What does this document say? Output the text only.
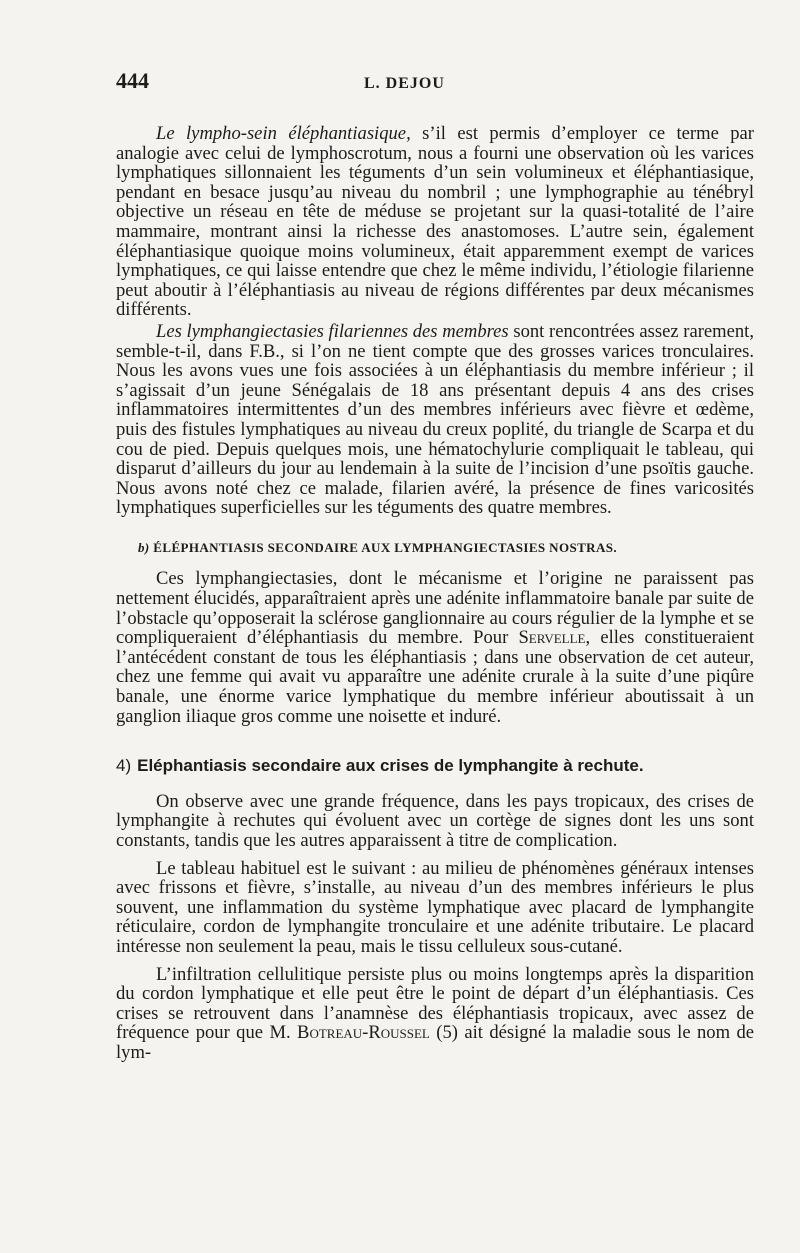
444	L. DEJOU

Le lympho-sein éléphantiasique, s’il est permis d’employer ce terme par analogie avec celui de lymphoscrotum, nous a fourni une observation où les varices lymphatiques sillonnaient les téguments d’un sein volumineux et éléphantiasique, pendant en besace jusqu’au niveau du nombril ; une lymphographie au ténébryl objective un réseau en tête de méduse se projetant sur la quasi-totalité de l’aire mammaire, montrant ainsi la richesse des anastomoses. L’autre sein, également éléphantiasique quoique moins volumineux, était apparemment exempt de varices lymphatiques, ce qui laisse entendre que chez le même individu, l’étiologie filarienne peut aboutir à l’éléphantiasis au niveau de régions différentes par deux mécanismes différents.

Les lymphangiectasies filariennes des membres sont rencontrées assez rarement, semble-t-il, dans F.B., si l’on ne tient compte que des grosses varices tronculaires. Nous les avons vues une fois associées à un éléphantiasis du membre inférieur ; il s’agissait d’un jeune Sénégalais de 18 ans présentant depuis 4 ans des crises inflammatoires intermittentes d’un des membres inférieurs avec fièvre et œdème, puis des fistules lymphatiques au niveau du creux poplité, du triangle de Scarpa et du cou de pied. Depuis quelques mois, une hématochylurie compliquait le tableau, qui disparut d’ailleurs du jour au lendemain à la suite de l’incision d’une psoïtis gauche. Nous avons noté chez ce malade, filarien avéré, la présence de fines varicosités lymphatiques superficielles sur les téguments des quatre membres.

b) ÉLÉPHANTIASIS SECONDAIRE AUX LYMPHANGIECTASIES NOSTRAS.

Ces lymphangiectasies, dont le mécanisme et l’origine ne paraissent pas nettement élucidés, apparaîtraient après une adénite inflammatoire banale par suite de l’obstacle qu’opposerait la sclérose ganglionnaire au cours régulier de la lymphe et se compliqueraient d’éléphantiasis du membre. Pour Servelle, elles constitueraient l’antécédent constant de tous les éléphantiasis ; dans une observation de cet auteur, chez une femme qui avait vu apparaître une adénite crurale à la suite d’une piqûre banale, une énorme varice lymphatique du membre inférieur aboutissait à un ganglion iliaque gros comme une noisette et induré.

4) Eléphantiasis secondaire aux crises de lymphangite à rechute.

On observe avec une grande fréquence, dans les pays tropicaux, des crises de lymphangite à rechutes qui évoluent avec un cortège de signes dont les uns sont constants, tandis que les autres apparaissent à titre de complication.

Le tableau habituel est le suivant : au milieu de phénomènes généraux intenses avec frissons et fièvre, s’installe, au niveau d’un des membres inférieurs le plus souvent, une inflammation du système lymphatique avec placard de lymphangite réticulaire, cordon de lymphangite tronculaire et une adénite tributaire. Le placard intéresse non seulement la peau, mais le tissu celluleux sous-cutané.

L’infiltration cellulitique persiste plus ou moins longtemps après la disparition du cordon lymphatique et elle peut être le point de départ d’un éléphantiasis. Ces crises se retrouvent dans l’anamnèse des éléphantiasis tropicaux, avec assez de fréquence pour que M. Botreau-Roussel (5) ait désigné la maladie sous le nom de lym-
